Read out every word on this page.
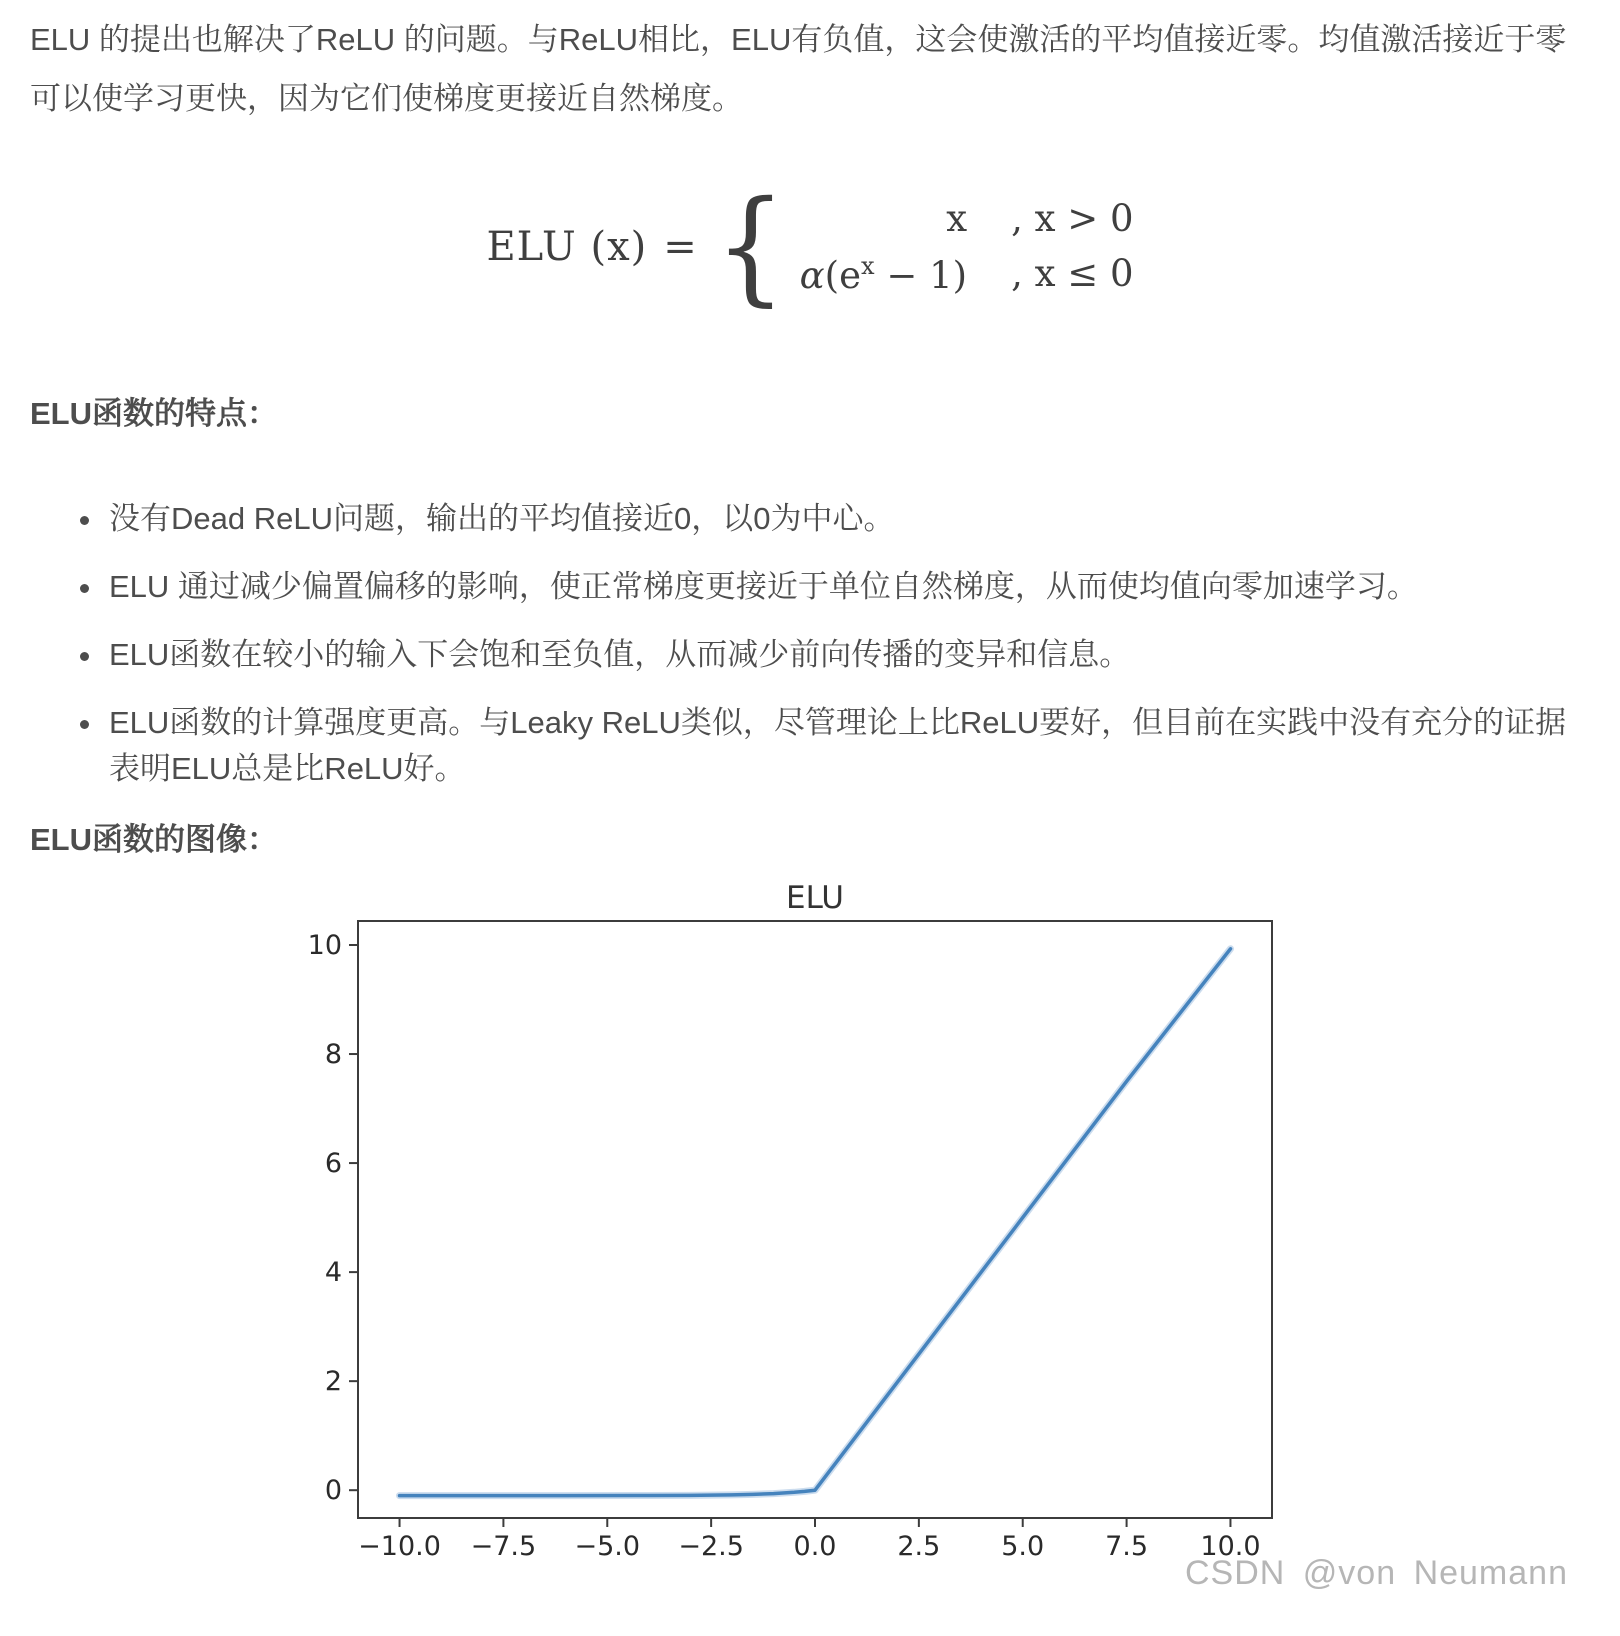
ELU 的提出也解决了ReLU 的问题。与ReLU相比，ELU有负值，这会使激活的平均值接近零。均值激活接近于零可以使学习更快，因为它们使梯度更接近自然梯度。

ELU (x) = {	x , x > 0
$\alpha(e^x - 1)$ , x ≤ 0
ELU函数的特点：
• 没有Dead ReLU问题，输出的平均值接近0，以0为中心。
• ELU 通过减少偏置偏移的影响，使正常梯度更接近于单位自然梯度，从而使均值向零加速学习。
• ELU函数在较小的输入下会饱和至负值，从而减少前向传播的变异和信息。
• ELU函数的计算强度更高。与Leaky ReLU类似，尽管理论上比ReLU要好，但目前在实践中没有充分的证据表明ELU总是比ReLU好。
ELU函数的图像：
ELU
−10.0 −7.5 −5.0 −2.5 0.0 2.5 5.0 7.5 10.0
0
2
4
6
8
10
CSDN @von Neumann
